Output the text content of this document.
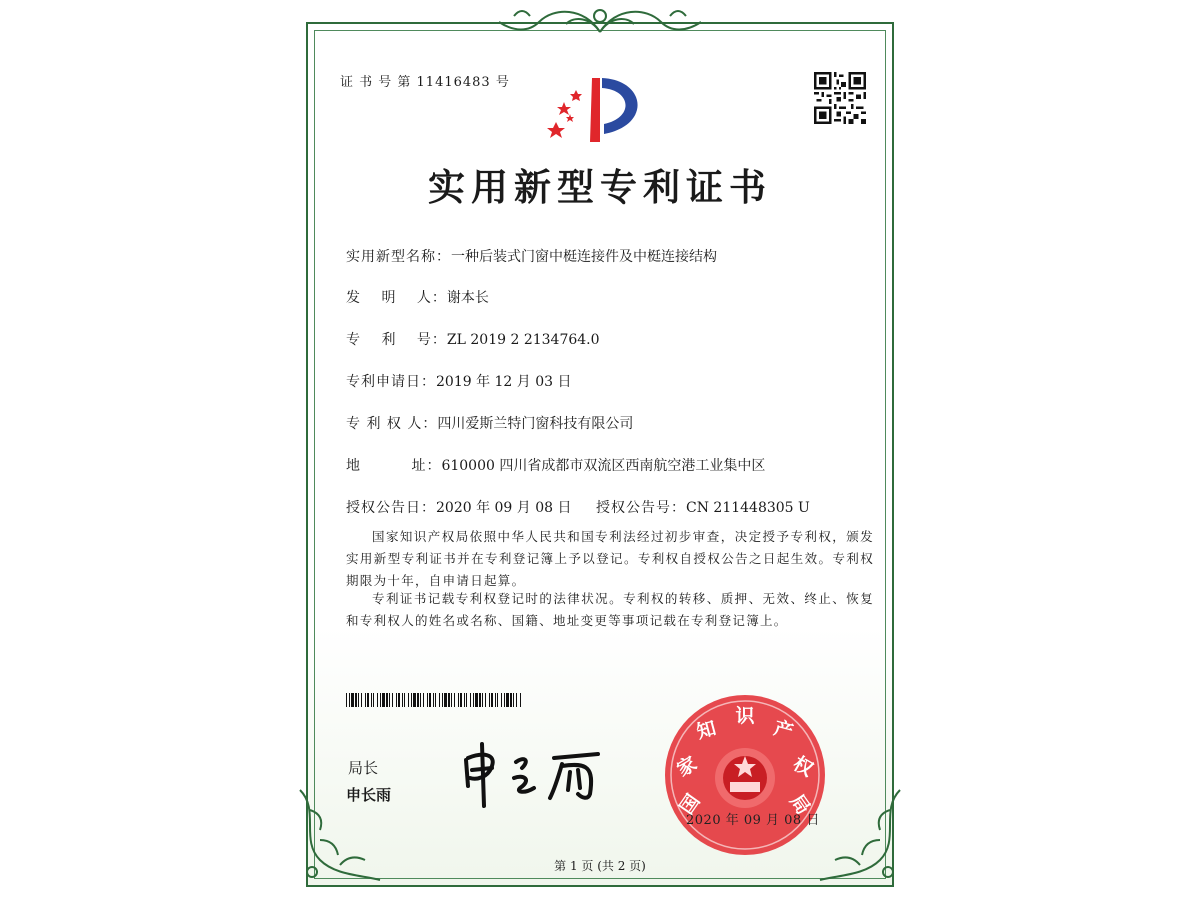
证 书 号 第 11416483 号
实用新型专利证书
实用新型名称：一种后装式门窗中梃连接件及中梃连接结构
发　 明　 人：谢本长
专　 利　 号：ZL 2019 2 2134764.0
专利申请日：2019 年 12 月 03 日
专 利 权 人：四川爱斯兰特门窗科技有限公司
地　　　 址：610000 四川省成都市双流区西南航空港工业集中区
授权公告日：2020 年 09 月 08 日 授权公告号：CN 211448305 U
国家知识产权局依照中华人民共和国专利法经过初步审查，决定授予专利权，颁发实用新型专利证书并在专利登记簿上予以登记。专利权自授权公告之日起生效。专利权期限为十年，自申请日起算。
专利证书记载专利权登记时的法律状况。专利权的转移、质押、无效、终止、恢复和专利权人的姓名或名称、国籍、地址变更等事项记载在专利登记簿上。
局长
申长雨	国
家
知
识
产
权
局
2020 年 09 月 08 日
第 1 页 (共 2 页)
